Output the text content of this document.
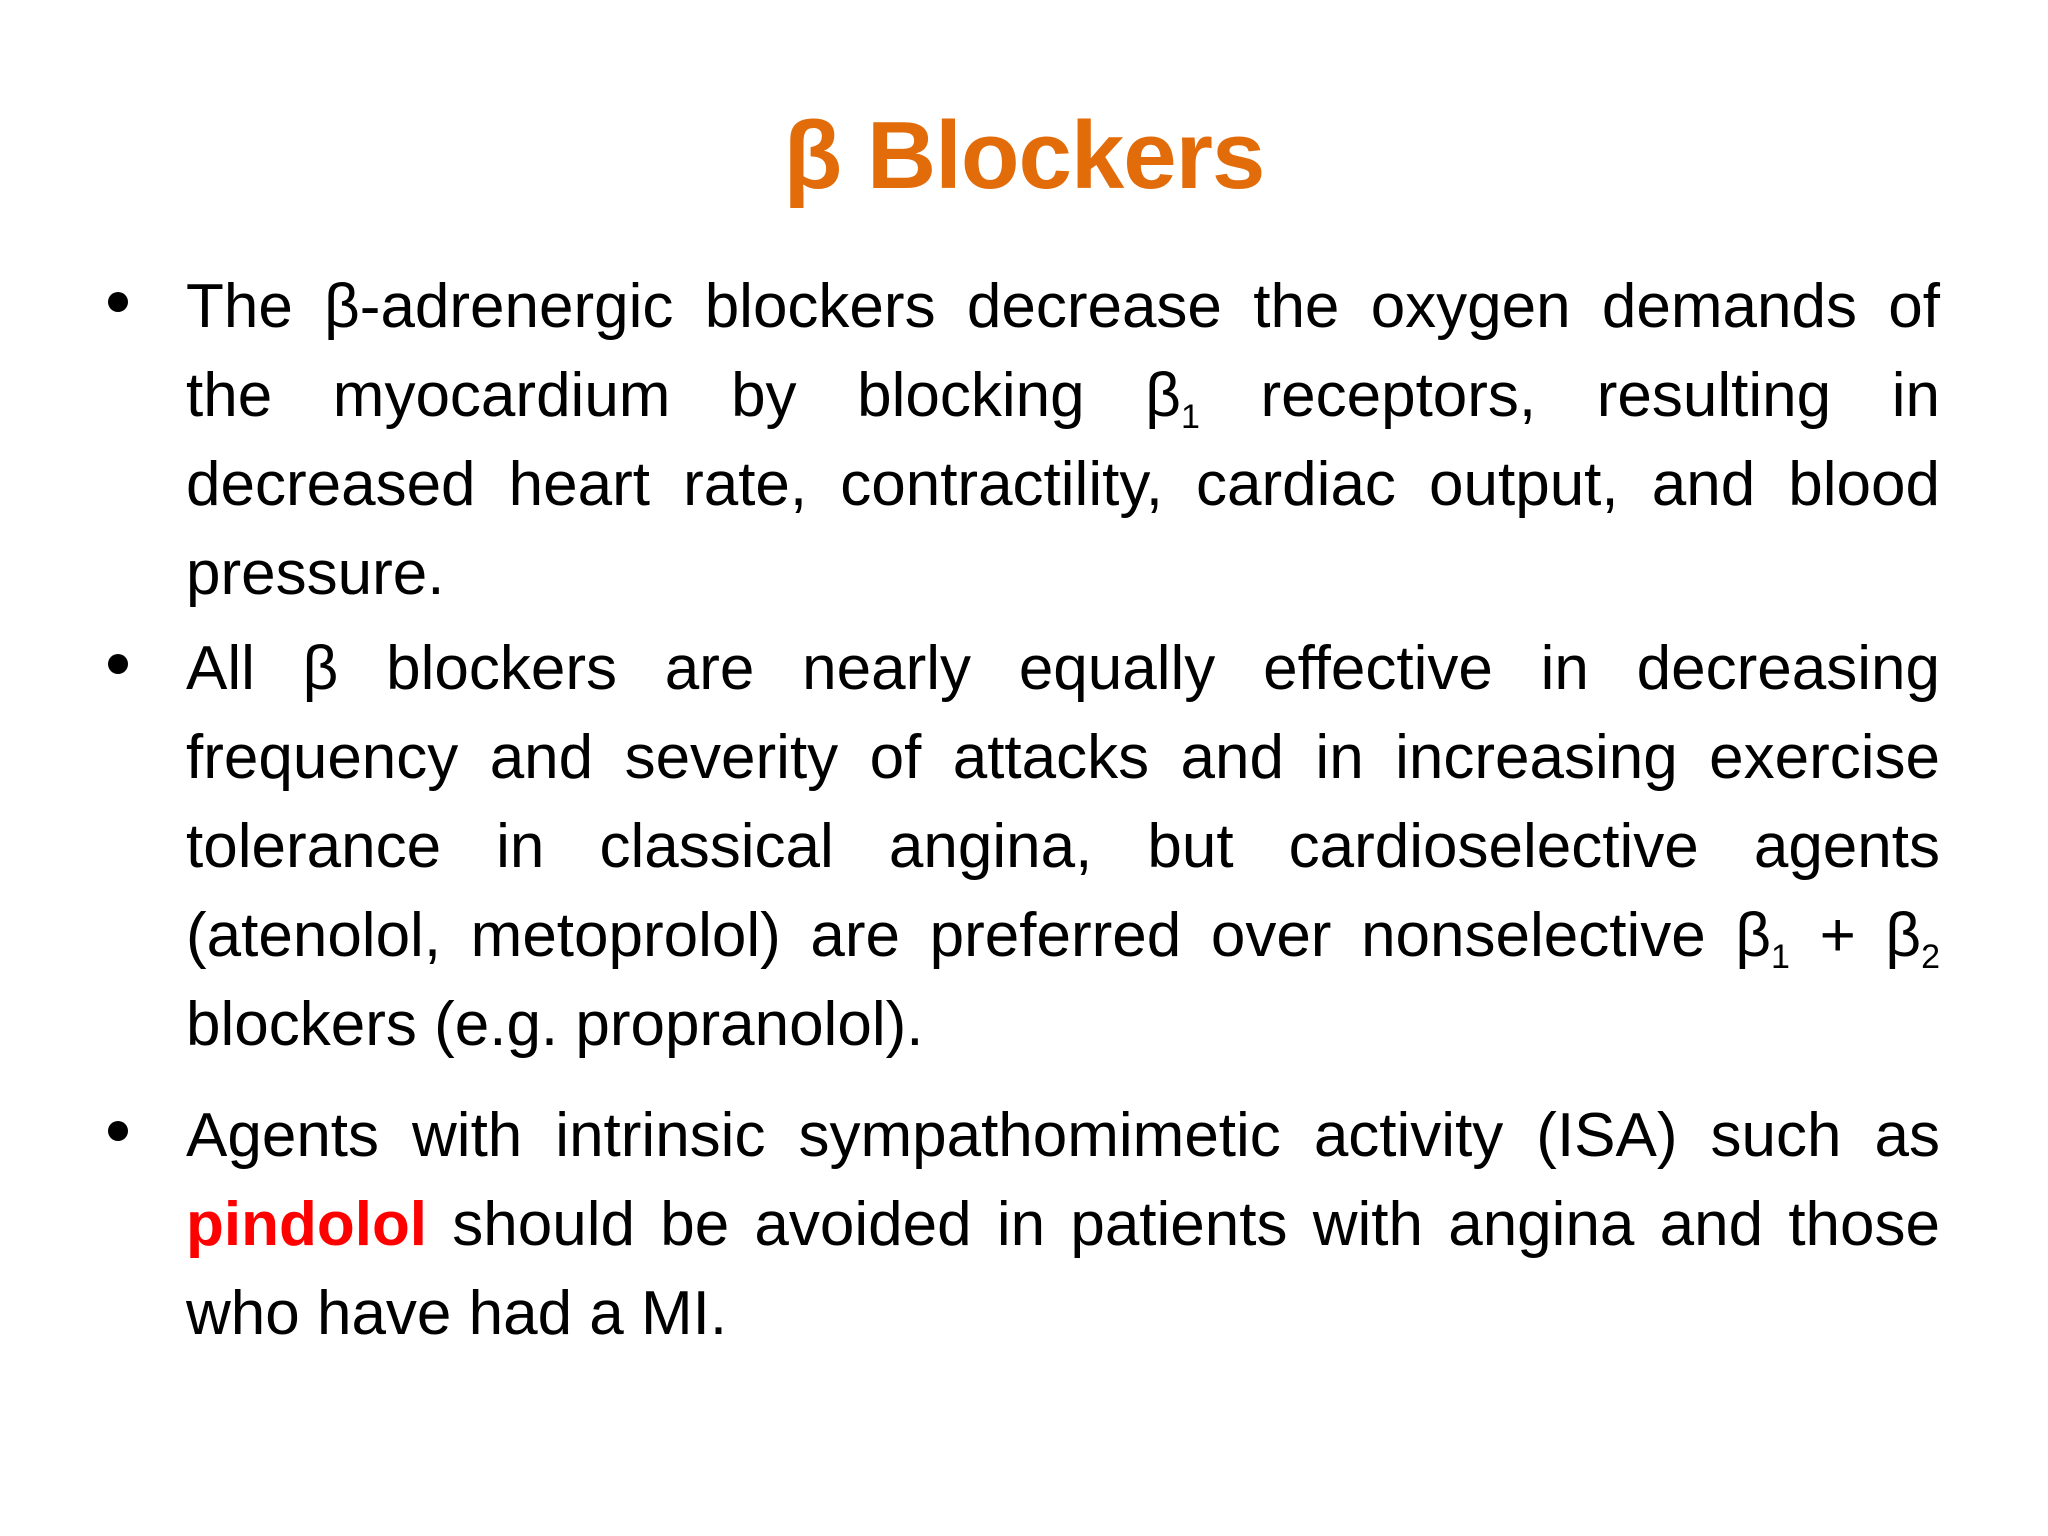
β Blockers
The β-adrenergic blockers decrease the oxygen demands of the myocardium by blocking $\beta_1$ receptors, resulting in decreased heart rate, contractility, cardiac output, and blood pressure.
All β blockers are nearly equally effective in decreasing frequency and severity of attacks and in increasing exercise tolerance in classical angina, but cardioselective agents (atenolol, metoprolol) are preferred over nonselective $\beta_1 + \beta_2$ blockers (e.g. propranolol).
Agents with intrinsic sympathomimetic activity (ISA) such as pindolol should be avoided in patients with angina and those who have had a MI.
